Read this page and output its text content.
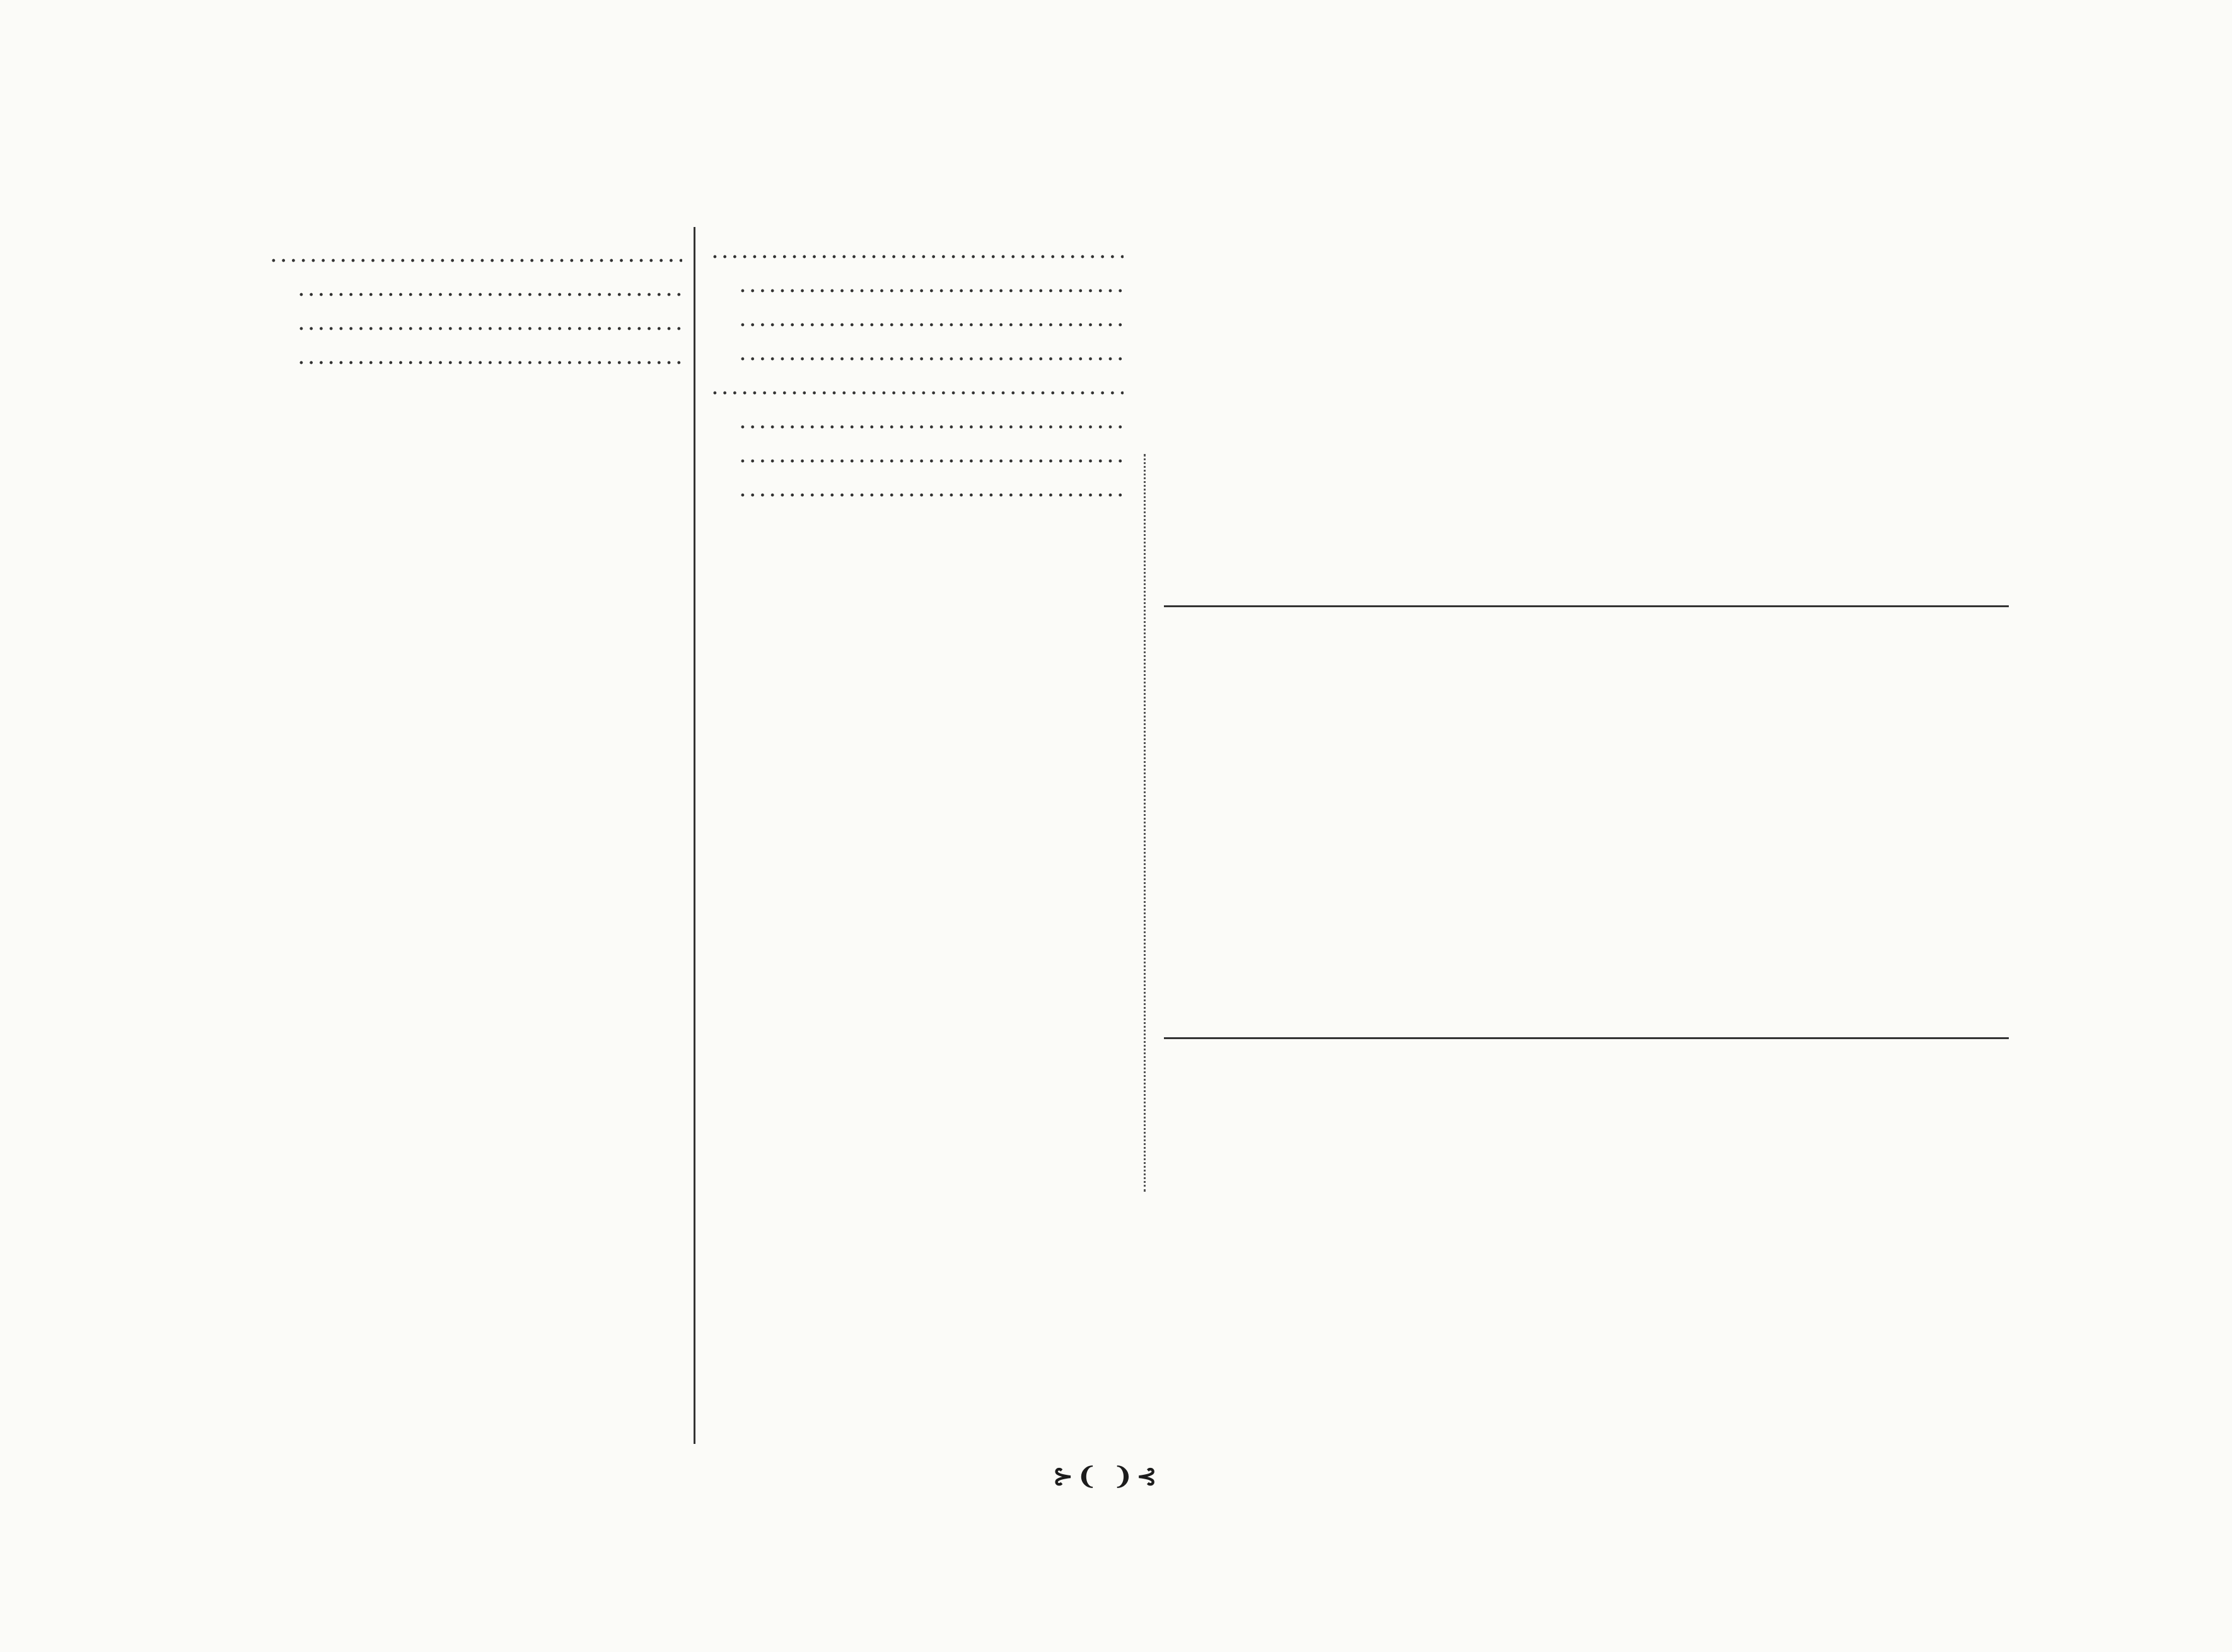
.....
.....
.....
.....
.....
.....
.....
.....
.....
.....
.....
.....
⊱❨ ❩⊰
